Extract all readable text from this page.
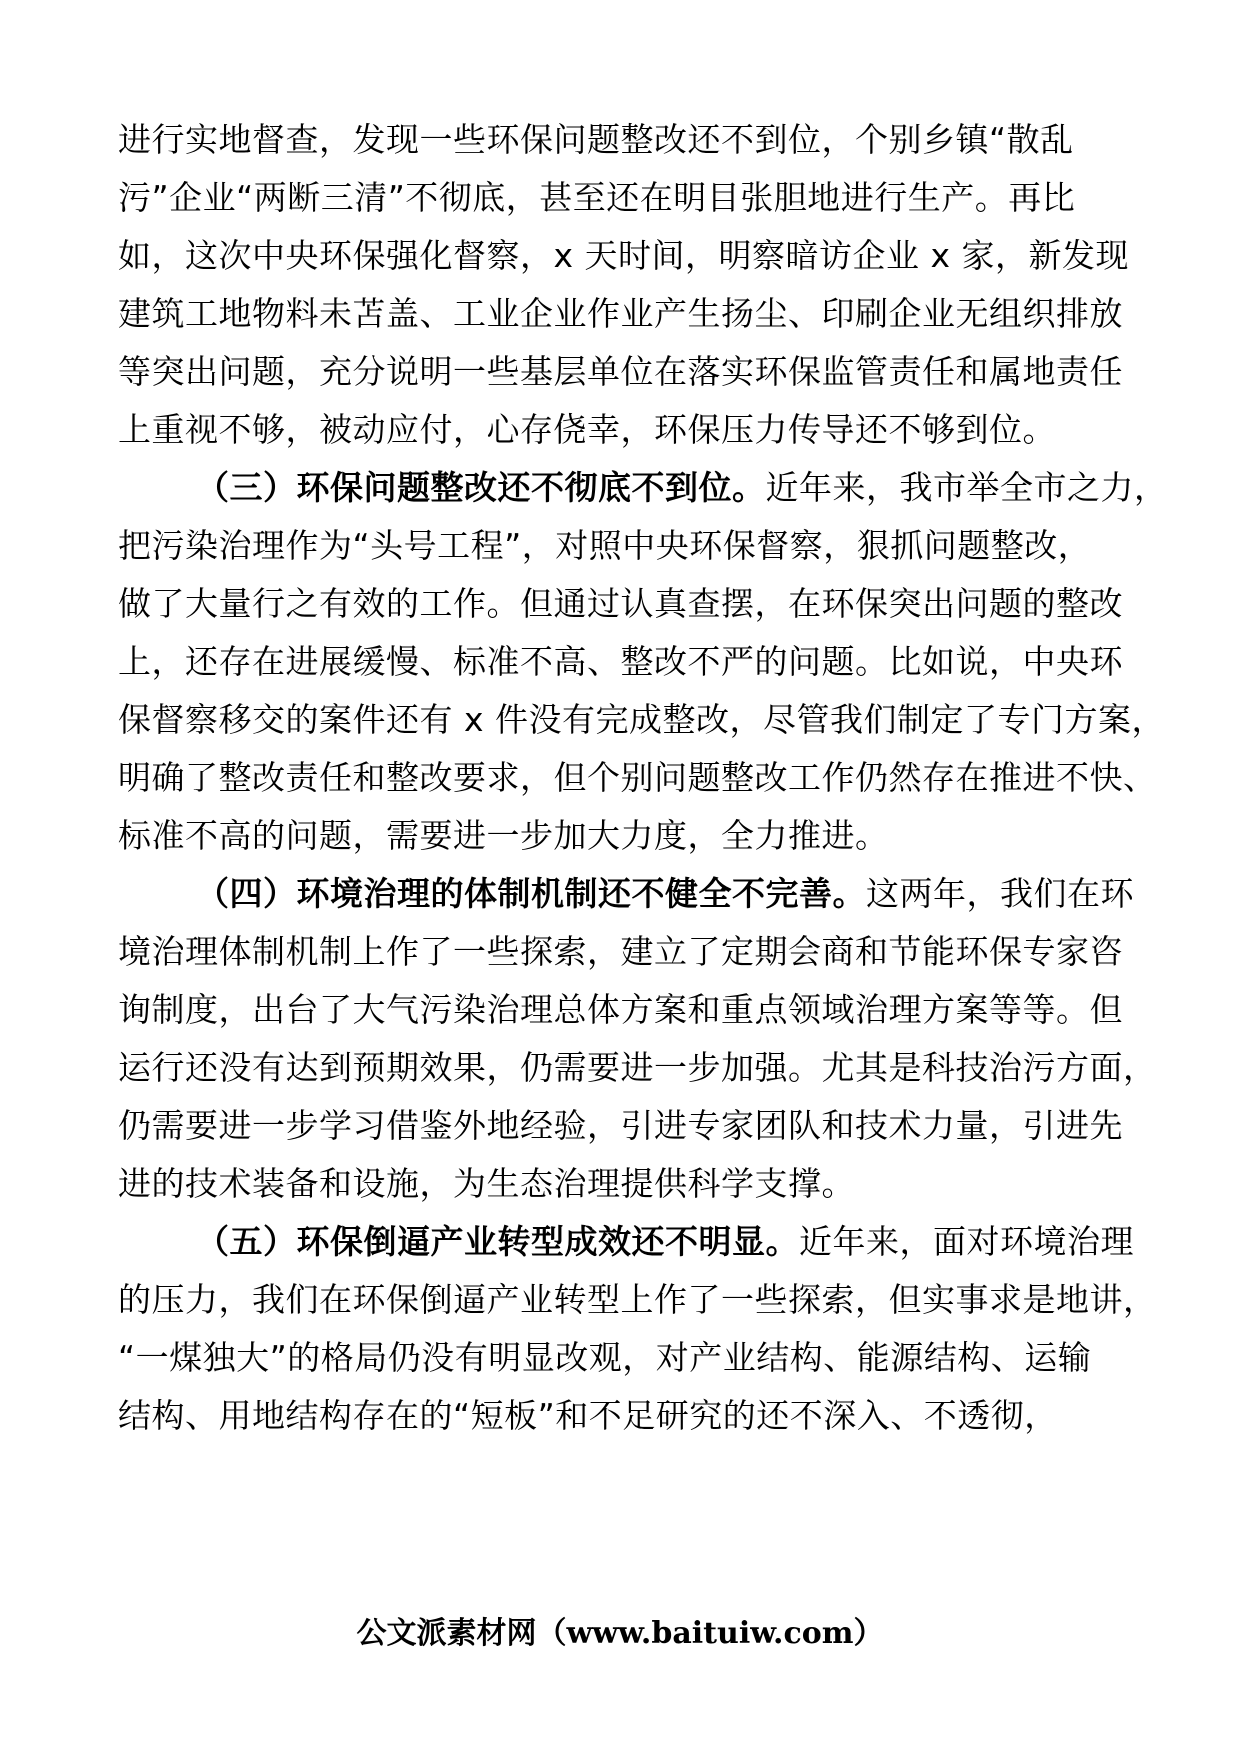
进行实地督查，发现一些环保问题整改还不到位，个别乡镇“散乱
污”企业“两断三清”不彻底，甚至还在明目张胆地进行生产。再比
如，这次中央环保强化督察，x 天时间，明察暗访企业 x 家，新发现
建筑工地物料未苫盖、工业企业作业产生扬尘、印刷企业无组织排放
等突出问题，充分说明一些基层单位在落实环保监管责任和属地责任
上重视不够，被动应付，心存侥幸，环保压力传导还不够到位。
（三）环保问题整改还不彻底不到位。近年来，我市举全市之力，
把污染治理作为“头号工程”，对照中央环保督察，狠抓问题整改，
做了大量行之有效的工作。但通过认真查摆，在环保突出问题的整改
上，还存在进展缓慢、标准不高、整改不严的问题。比如说，中央环
保督察移交的案件还有 x 件没有完成整改，尽管我们制定了专门方案，
明确了整改责任和整改要求，但个别问题整改工作仍然存在推进不快、
标准不高的问题，需要进一步加大力度，全力推进。
（四）环境治理的体制机制还不健全不完善。这两年，我们在环
境治理体制机制上作了一些探索，建立了定期会商和节能环保专家咨
询制度，出台了大气污染治理总体方案和重点领域治理方案等等。但
运行还没有达到预期效果，仍需要进一步加强。尤其是科技治污方面，
仍需要进一步学习借鉴外地经验，引进专家团队和技术力量，引进先
进的技术装备和设施，为生态治理提供科学支撑。
（五）环保倒逼产业转型成效还不明显。近年来，面对环境治理
的压力，我们在环保倒逼产业转型上作了一些探索，但实事求是地讲，
“一煤独大”的格局仍没有明显改观，对产业结构、能源结构、运输
结构、用地结构存在的“短板”和不足研究的还不深入、不透彻，
公文派素材网（www.baituiw.com）
